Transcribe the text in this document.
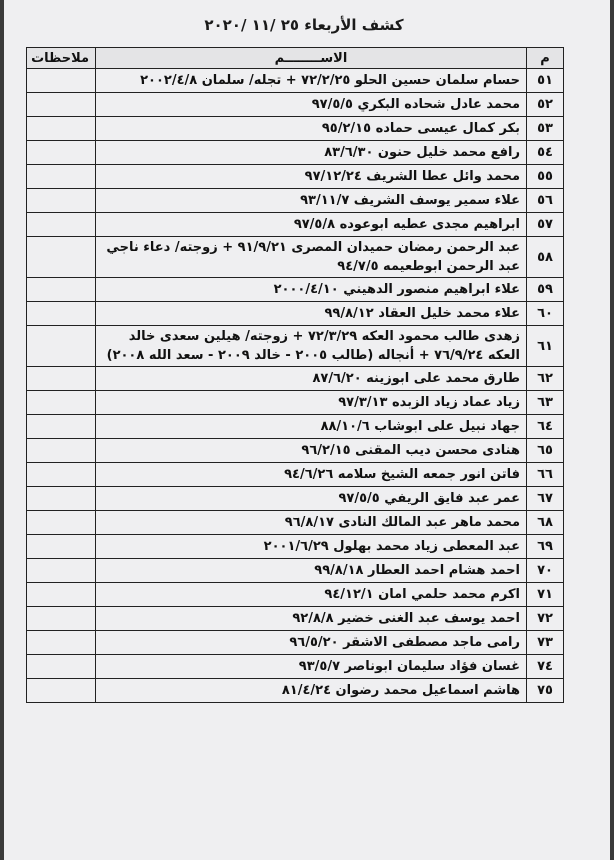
كشف الأربعاء ٢٥ /١١ /٢٠٢٠
م	الاســــــــم	ملاحظات
٥١	حسام سلمان حسين الحلو ٧٢/٢/٢٥ + تجله/ سلمان ٢٠٠٢/٤/٨	
٥٢	محمد عادل شحاده البكري ٩٧/٥/٥	
٥٣	بكر كمال عيسى حماده ٩٥/٢/١٥	
٥٤	رافع محمد خليل حنون ٨٣/٦/٣٠	
٥٥	محمد وائل عطا الشريف ٩٧/١٢/٢٤	
٥٦	علاء سمير يوسف الشريف ٩٣/١١/٧	
٥٧	ابراهيم مجدى عطيه ابوعوده ٩٧/٥/٨	
٥٨	عبد الرحمن رمضان حميدان المصرى ٩١/٩/٢١ + زوجته/ دعاء ناجي عبد الرحمن ابوطعيمه ٩٤/٧/٥	
٥٩	علاء ابراهيم منصور الدهيني ٢٠٠٠/٤/١٠	
٦٠	علاء محمد خليل العقاد ٩٩/٨/١٢	
٦١	زهدى طالب محمود العكه ٧٢/٣/٢٩ + زوجته/ هيلين سعدى خالد العكه ٧٦/٩/٢٤ + أنجاله (طالب ٢٠٠٥ - خالد ٢٠٠٩ - سعد الله ٢٠٠٨)	
٦٢	طارق محمد على ابوزينه ٨٧/٦/٢٠	
٦٣	زياد عماد زياد الزبده ٩٧/٣/١٣	
٦٤	جهاد نبيل على ابوشاب ٨٨/١٠/٦	
٦٥	هنادى محسن ديب المقنى ٩٦/٢/١٥	
٦٦	فاتن انور جمعه الشيخ سلامه ٩٤/٦/٢٦	
٦٧	عمر عبد فايق الريفي ٩٧/٥/٥	
٦٨	محمد ماهر عبد المالك النادى ٩٦/٨/١٧	
٦٩	عبد المعطى زياد محمد بهلول ٢٠٠١/٦/٢٩	
٧٠	احمد هشام احمد العطار ٩٩/٨/١٨	
٧١	اكرم محمد حلمي امان ٩٤/١٢/١	
٧٢	احمد يوسف عبد الغنى خضير ٩٢/٨/٨	
٧٣	رامى ماجد مصطفى الاشقر ٩٦/٥/٢٠	
٧٤	غسان فؤاد سليمان ابوناصر ٩٣/٥/٧	
٧٥	هاشم اسماعيل محمد رضوان ٨١/٤/٢٤	
